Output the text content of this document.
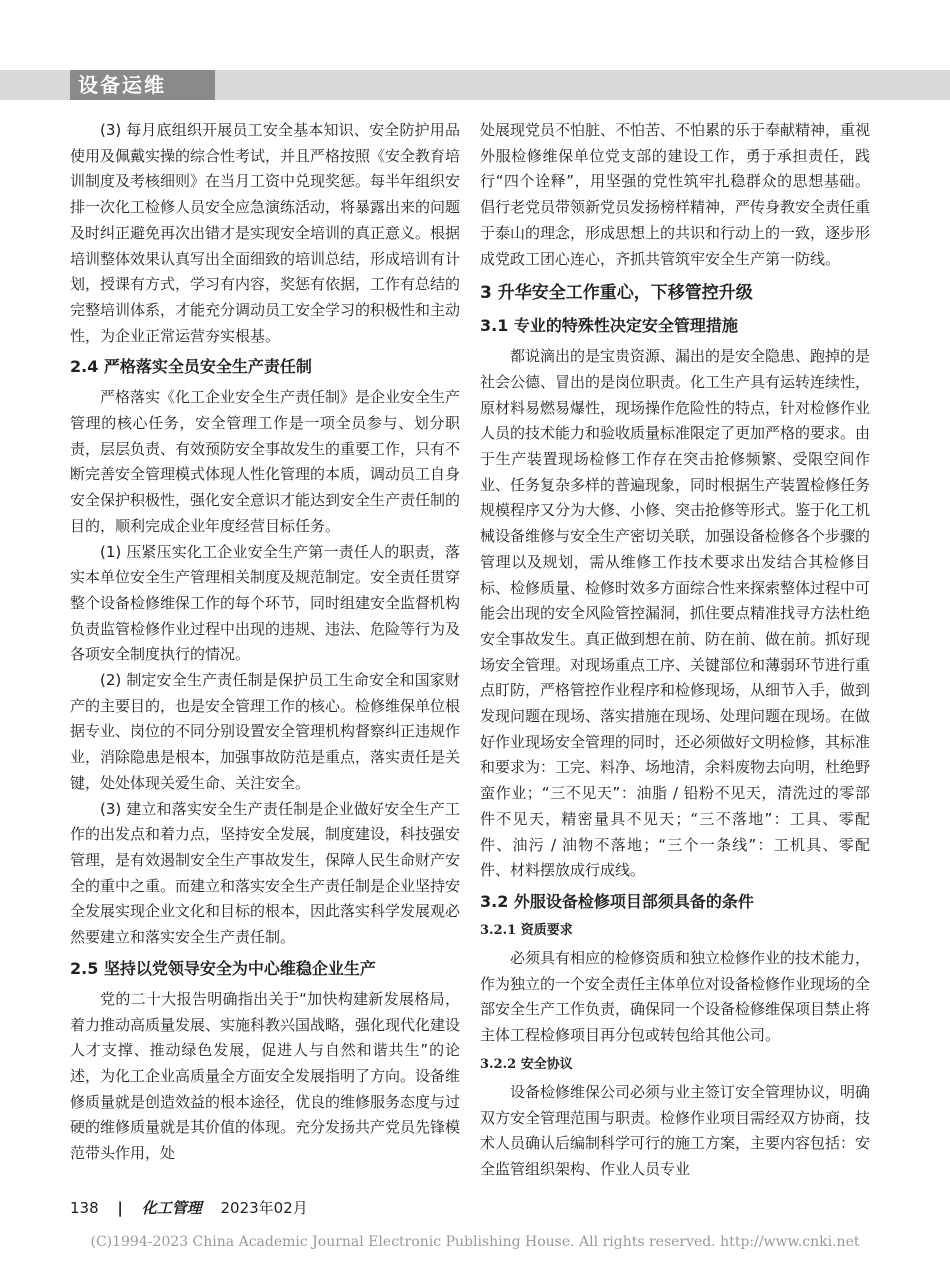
设备运维

(3) 每月底组织开展员工安全基本知识、安全防护用品使用及佩戴实操的综合性考试，并且严格按照《安全教育培训制度及考核细则》在当月工资中兑现奖惩。每半年组织安排一次化工检修人员安全应急演练活动，将暴露出来的问题及时纠正避免再次出错才是实现安全培训的真正意义。根据培训整体效果认真写出全面细致的培训总结，形成培训有计划，授课有方式，学习有内容，奖惩有依据，工作有总结的完整培训体系，才能充分调动员工安全学习的积极性和主动性，为企业正常运营夯实根基。

2.4 严格落实全员安全生产责任制

严格落实《化工企业安全生产责任制》是企业安全生产管理的核心任务，安全管理工作是一项全员参与、划分职责，层层负责、有效预防安全事故发生的重要工作，只有不断完善安全管理模式体现人性化管理的本质，调动员工自身安全保护积极性，强化安全意识才能达到安全生产责任制的目的，顺利完成企业年度经营目标任务。

(1) 压紧压实化工企业安全生产第一责任人的职责，落实本单位安全生产管理相关制度及规范制定。安全责任贯穿整个设备检修维保工作的每个环节，同时组建安全监督机构负责监管检修作业过程中出现的违规、违法、危险等行为及各项安全制度执行的情况。

(2) 制定安全生产责任制是保护员工生命安全和国家财产的主要目的，也是安全管理工作的核心。检修维保单位根据专业、岗位的不同分别设置安全管理机构督察纠正违规作业，消除隐患是根本，加强事故防范是重点，落实责任是关键，处处体现关爱生命、关注安全。

(3) 建立和落实安全生产责任制是企业做好安全生产工作的出发点和着力点，坚持安全发展，制度建设，科技强安管理，是有效遏制安全生产事故发生，保障人民生命财产安全的重中之重。而建立和落实安全生产责任制是企业坚持安全发展实现企业文化和目标的根本，因此落实科学发展观必然要建立和落实安全生产责任制。

2.5 坚持以党领导安全为中心维稳企业生产

党的二十大报告明确指出关于“加快构建新发展格局，着力推动高质量发展、实施科教兴国战略，强化现代化建设人才支撑、推动绿色发展，促进人与自然和谐共生”的论述，为化工企业高质量全方面安全发展指明了方向。设备维修质量就是创造效益的根本途径，优良的维修服务态度与过硬的维修质量就是其价值的体现。充分发扬共产党员先锋模范带头作用，处

处展现党员不怕脏、不怕苦、不怕累的乐于奉献精神，重视外服检修维保单位党支部的建设工作，勇于承担责任，践行“四个诠释”，用坚强的党性筑牢扎稳群众的思想基础。倡行老党员带领新党员发扬榜样精神，严传身教安全责任重于泰山的理念，形成思想上的共识和行动上的一致，逐步形成党政工团心连心，齐抓共管筑牢安全生产第一防线。

3 升华安全工作重心，下移管控升级
3.1 专业的特殊性决定安全管理措施

都说滴出的是宝贵资源、漏出的是安全隐患、跑掉的是社会公德、冒出的是岗位职责。化工生产具有运转连续性，原材料易燃易爆性，现场操作危险性的特点，针对检修作业人员的技术能力和验收质量标准限定了更加严格的要求。由于生产装置现场检修工作存在突击抢修频繁、受限空间作业、任务复杂多样的普遍现象，同时根据生产装置检修任务规模程序又分为大修、小修、突击抢修等形式。鉴于化工机械设备维修与安全生产密切关联，加强设备检修各个步骤的管理以及规划，需从维修工作技术要求出发结合其检修目标、检修质量、检修时效多方面综合性来探索整体过程中可能会出现的安全风险管控漏洞，抓住要点精准找寻方法杜绝安全事故发生。真正做到想在前、防在前、做在前。抓好现场安全管理。对现场重点工序、关键部位和薄弱环节进行重点盯防，严格管控作业程序和检修现场，从细节入手，做到发现问题在现场、落实措施在现场、处理问题在现场。在做好作业现场安全管理的同时，还必须做好文明检修，其标准和要求为：工完、料净、场地清，余料废物去向明，杜绝野蛮作业；“三不见天”：油脂 / 铅粉不见天，清洗过的零部件不见天，精密量具不见天；“三不落地”：工具、零配件、油污 / 油物不落地；“三个一条线”：工机具、零配件、材料摆放成行成线。

3.2 外服设备检修项目部须具备的条件
3.2.1 资质要求

必须具有相应的检修资质和独立检修作业的技术能力，作为独立的一个安全责任主体单位对设备检修作业现场的全部安全生产工作负责，确保同一个设备检修维保项目禁止将主体工程检修项目再分包或转包给其他公司。

3.2.2 安全协议

设备检修维保公司必须与业主签订安全管理协议，明确双方安全管理范围与职责。检修作业项目需经双方协商，技术人员确认后编制科学可行的施工方案，主要内容包括：安全监管组织架构、作业人员专业

138 | 化工管理 2023年02月
(C)1994-2023 China Academic Journal Electronic Publishing House. All rights reserved. http://www.cnki.net
